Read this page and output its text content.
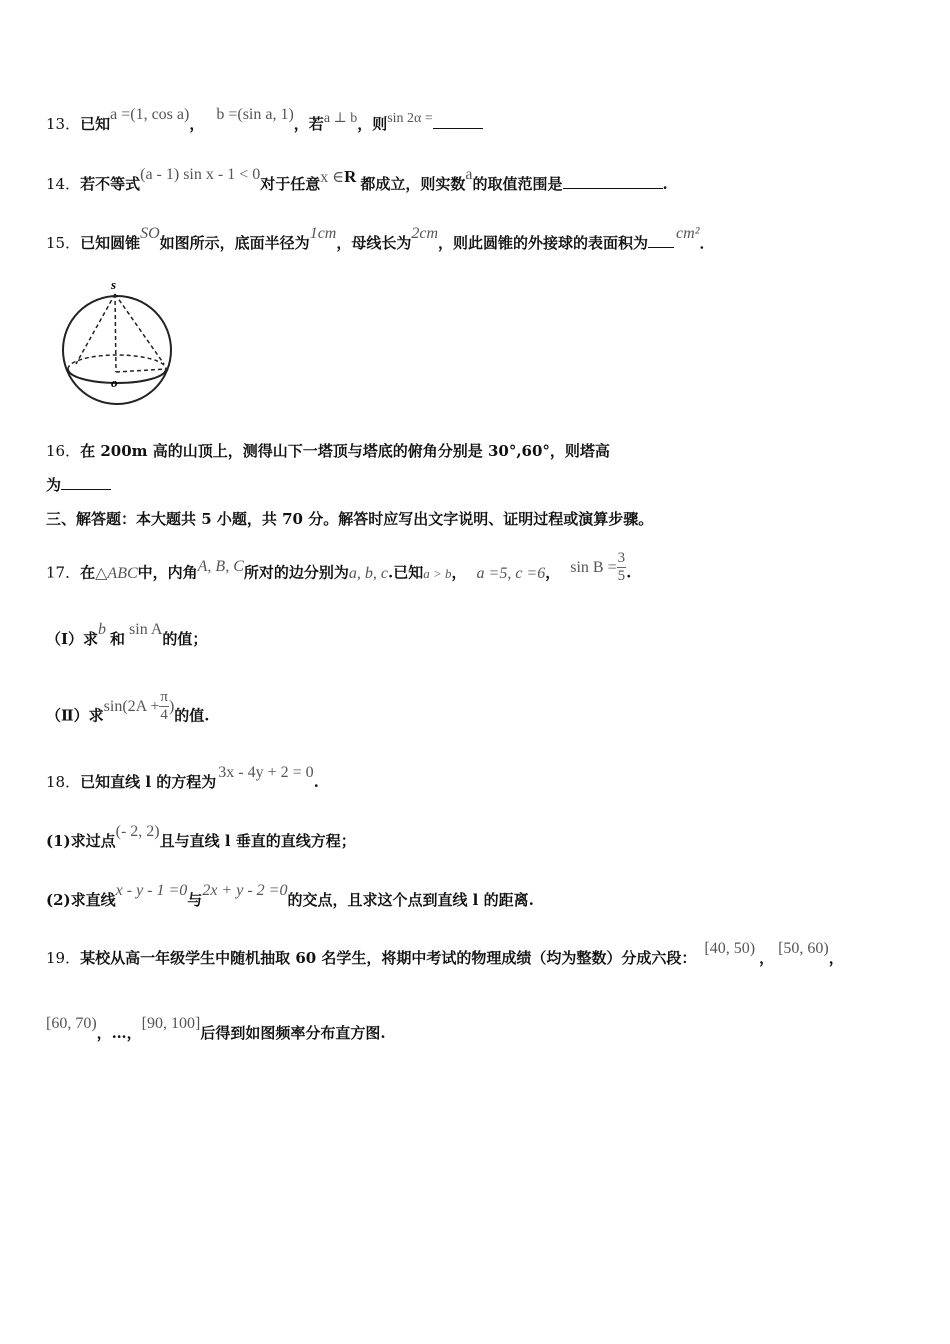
13．已知a =(1, cos a)，b =(sin a, 1)，若a ⊥ b，则sin 2α =
14．若不等式(a - 1) sin x - 1 < 0对于任意x ∈R 都成立，则实数a的取值范围是	.
15．已知圆锥SO如图所示，底面半径为1cm，母线长为2cm，则此圆锥的外接球的表面积为cm²．
s
o
16．在 200m 高的山顶上，测得山下一塔顶与塔底的俯角分别是 30°,60°，则塔高
为
三、解答题：本大题共 5 小题，共 70 分。解答时应写出文字说明、证明过程或演算步骤。
17．在△ABC中，内角A, B, C所对的边分别为a, b, c.已知a > b， a =5, c =6， $\sin B = \frac{3}{5}$ .
（Ⅰ）求b和sin A的值；
（Ⅱ）求$\sin(2A + \frac{\pi}{4}$ )的值.
18．已知直线 l 的方程为3x - 4y + 2 = 0.
(1)求过点(- 2, 2)且与直线 l 垂直的直线方程；
(2)求直线x - y - 1 =0与2x + y - 2 =0的交点，且求这个点到直线 l 的距离.
19．某校从高一年级学生中随机抽取 60 名学生，将期中考试的物理成绩（均为整数）分成六段：[40, 50)，[50, 60)，
[60, 70)，…，[90, 100]后得到如图频率分布直方图.
